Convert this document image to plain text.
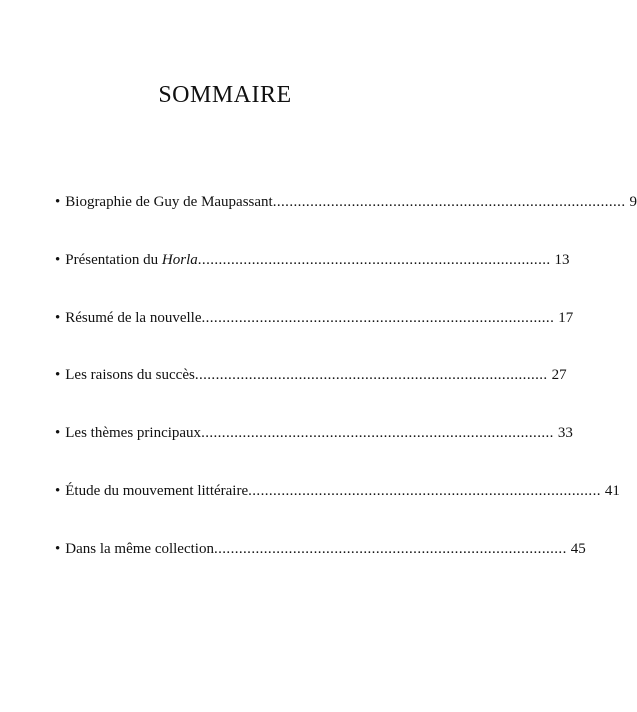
SOMMAIRE
• Biographie de Guy de Maupassant ..................................................................................... 9
• Présentation du Horla ..................................................................................... 13
• Résumé de la nouvelle ..................................................................................... 17
• Les raisons du succès ..................................................................................... 27
• Les thèmes principaux ..................................................................................... 33
• Étude du mouvement littéraire ..................................................................................... 41
• Dans la même collection ..................................................................................... 45
